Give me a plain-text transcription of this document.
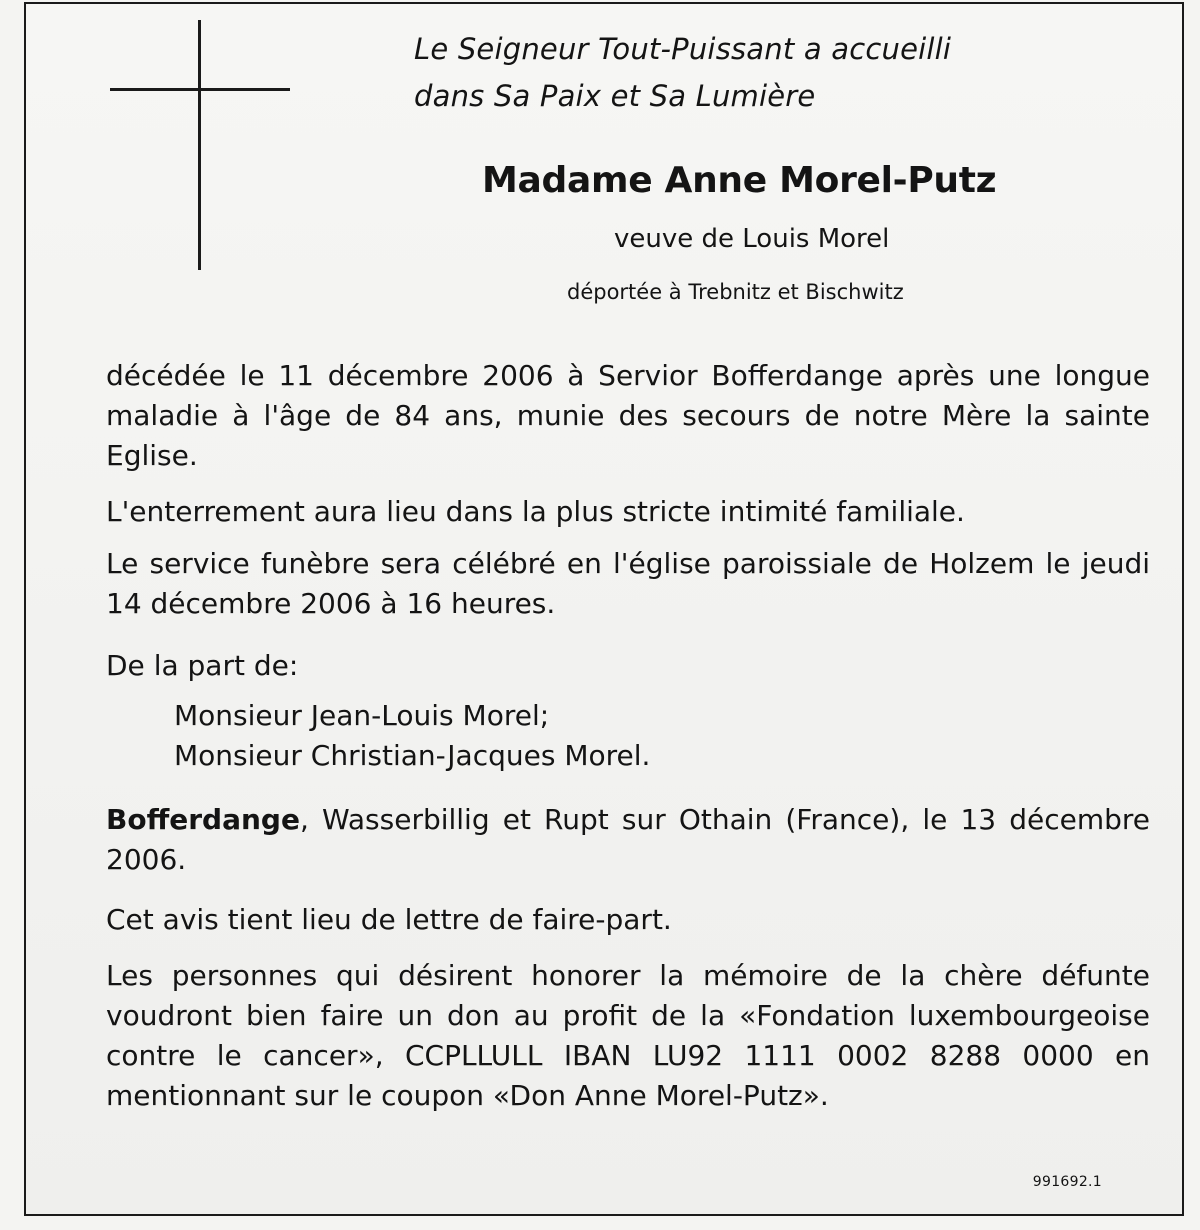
Le Seigneur Tout-Puissant a accueilli
dans Sa Paix et Sa Lumière
Madame Anne Morel-Putz
veuve de Louis Morel
déportée à Trebnitz et Bischwitz
décédée le 11 décembre 2006 à Servior Bofferdange après une longue maladie à l'âge de 84 ans, munie des secours de notre Mère la sainte Eglise.
L'enterrement aura lieu dans la plus stricte intimité familiale.
Le service funèbre sera célébré en l'église paroissiale de Holzem le jeudi 14 décembre 2006 à 16 heures.
De la part de:
Monsieur Jean-Louis Morel;
Monsieur Christian-Jacques Morel.
Bofferdange, Wasserbillig et Rupt sur Othain (France), le 13 décembre 2006.
Cet avis tient lieu de lettre de faire-part.
Les personnes qui désirent honorer la mémoire de la chère défunte voudront bien faire un don au profit de la «Fondation luxembourgeoise contre le cancer», CCPLLULL IBAN LU92 1111 0002 8288 0000 en mentionnant sur le coupon «Don Anne Morel-Putz».
991692.1
